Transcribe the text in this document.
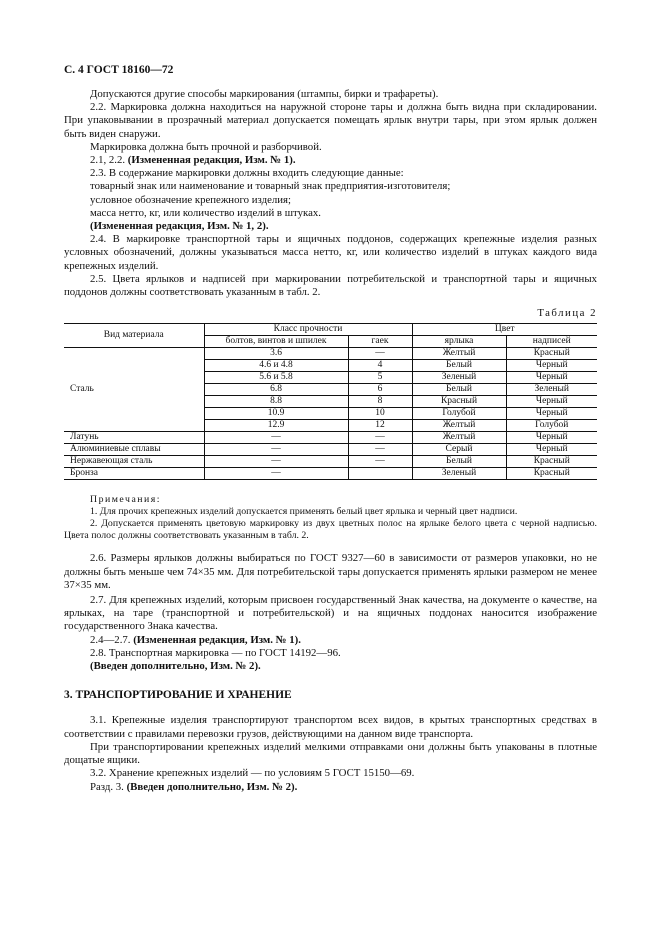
С. 4 ГОСТ 18160—72

Допускаются другие способы маркирования (штампы, бирки и трафареты).

2.2. Маркировка должна находиться на наружной стороне тары и должна быть видна при складировании. При упаковывании в прозрачный материал допускается помещать ярлык внутри тары, при этом ярлык должен быть виден снаружи.

Маркировка должна быть прочной и разборчивой.

2.1, 2.2. (Измененная редакция, Изм. № 1).

2.3. В содержание маркировки должны входить следующие данные:

товарный знак или наименование и товарный знак предприятия-изготовителя;

условное обозначение крепежного изделия;

масса нетто, кг, или количество изделий в штуках.

(Измененная редакция, Изм. № 1, 2).

2.4. В маркировке транспортной тары и ящичных поддонов, содержащих крепежные изделия разных условных обозначений, должны указываться масса нетто, кг, или количество изделий в штуках каждого вида крепежных изделий.

2.5. Цвета ярлыков и надписей при маркировании потребительской и транспортной тары и ящичных поддонов должны соответствовать указанным в табл. 2.

Таблица 2
Вид материала	Класс прочности		Цвет	
	болтов, винтов и шпилек	гаек	ярлыка	надписей
Сталь	3.6	—	Желтый	Красный
	4.6 и 4.8	4	Белый	Черный
	5.6 и 5.8	5	Зеленый	Черный
	6.8	6	Белый	Зеленый
	8.8	8	Красный	Черный
	10.9	10	Голубой	Черный
	12.9	12	Желтый	Голубой
Латунь	—	—	Желтый	Черный
Алюминиевые сплавы	—	—	Серый	Черный
Нержавеющая сталь	—	—	Белый	Красный
Бронза	—		Зеленый	Красный

Примечания:

1. Для прочих крепежных изделий допускается применять белый цвет ярлыка и черный цвет надписи.

2. Допускается применять цветовую маркировку из двух цветных полос на ярлыке белого цвета с черной надписью. Цвета полос должны соответствовать указанным в табл. 2.

2.6. Размеры ярлыков должны выбираться по ГОСТ 9327—60 в зависимости от размеров упаковки, но не должны быть меньше чем 74×35 мм. Для потребительской тары допускается применять ярлыки размером не менее 37×35 мм.

2.7. Для крепежных изделий, которым присвоен государственный Знак качества, на документе о качестве, на ярлыках, на таре (транспортной и потребительской) и на ящичных поддонах наносится изображение государственного Знака качества.

2.4—2.7. (Измененная редакция, Изм. № 1).

2.8. Транспортная маркировка — по ГОСТ 14192—96.

(Введен дополнительно, Изм. № 2).

3. ТРАНСПОРТИРОВАНИЕ И ХРАНЕНИЕ

3.1. Крепежные изделия транспортируют транспортом всех видов, в крытых транспортных средствах в соответствии с правилами перевозки грузов, действующими на данном виде транспорта.

При транспортировании крепежных изделий мелкими отправками они должны быть упакованы в плотные дощатые ящики.

3.2. Хранение крепежных изделий — по условиям 5 ГОСТ 15150—69.

Разд. 3. (Введен дополнительно, Изм. № 2).
